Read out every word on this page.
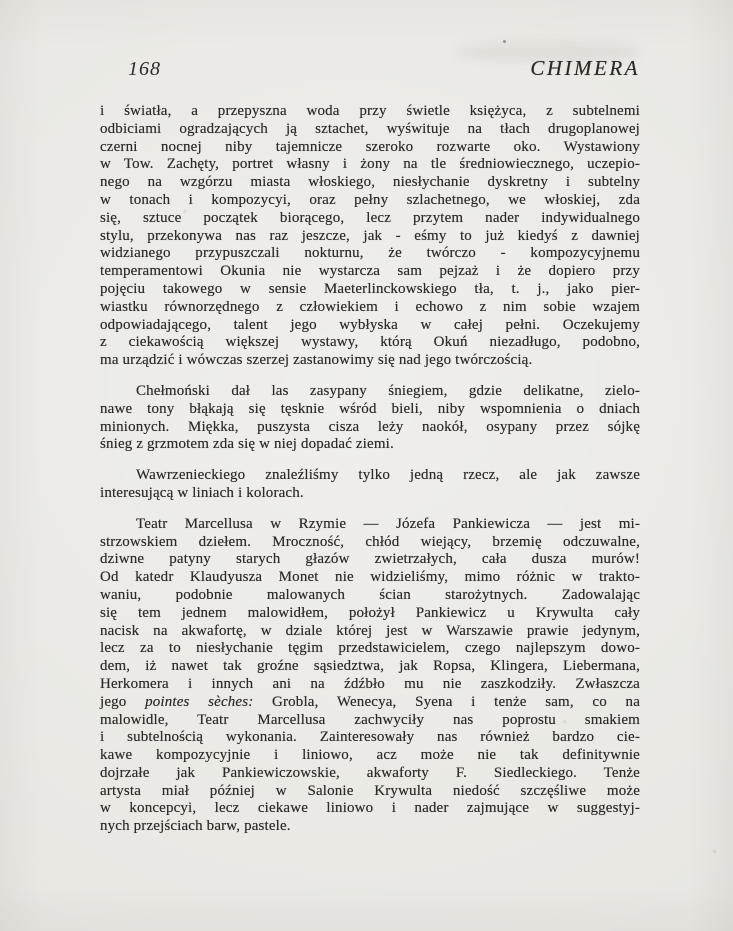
168	CHIMERA
i światła, a przepyszna woda przy świetle księżyca, z subtelnemi
odbiciami ogradzających ją sztachet, wyśwituje na tłach drugoplanowej
czerni nocnej niby tajemnicze szeroko rozwarte oko. Wystawiony
w Tow. Zachęty, portret własny i żony na tle średniowiecznego, uczepio-
nego na wzgórzu miasta włoskiego, niesłychanie dyskretny i subtelny
w tonach i kompozycyi, oraz pełny szlachetnego, we włoskiej, zda
się, sztuce początek biorącego, lecz przytem nader indywidualnego
stylu, przekonywa nas raz jeszcze, jak - eśmy to już kiedyś z dawniej
widzianego przypuszczali nokturnu, że twórczo - kompozycyjnemu
temperamentowi Okunia nie wystarcza sam pejzaż i że dopiero przy
pojęciu takowego w sensie Maeterlinckowskiego tła, t. j., jako pier-
wiastku równorzędnego z człowiekiem i echowo z nim sobie wzajem
odpowiadającego, talent jego wybłyska w całej pełni. Oczekujemy
z ciekawością większej wystawy, którą Okuń niezadługo, podobno,
ma urządzić i wówczas szerzej zastanowimy się nad jego twórczością.
Chełmoński dał las zasypany śniegiem, gdzie delikatne, zielo-
nawe tony błąkają się tęsknie wśród bieli, niby wspomnienia o dniach
minionych. Miękka, puszysta cisza leży naokół, osypany przez sójkę
śnieg z grzmotem zda się w niej dopadać ziemi.
Wawrzenieckiego znaleźliśmy tylko jedną rzecz, ale jak zawsze
interesującą w liniach i kolorach.
Teatr Marcellusa w Rzymie — Józefa Pankiewicza — jest mi-
strzowskiem dziełem. Mroczność, chłód wiejący, brzemię odczuwalne,
dziwne patyny starych głazów zwietrzałych, cała dusza murów!
Od katedr Klaudyusza Monet nie widzieliśmy, mimo różnic w trakto-
waniu, podobnie malowanych ścian starożytnych. Zadowalając
się tem jednem malowidłem, położył Pankiewicz u Krywulta cały
nacisk na akwafortę, w dziale której jest w Warszawie prawie jedynym,
lecz za to niesłychanie tęgim przedstawicielem, czego najlepszym dowo-
dem, iż nawet tak groźne sąsiedztwa, jak Ropsa, Klingera, Liebermana,
Herkomera i innych ani na źdźbło mu nie zaszkodziły. Zwłaszcza
jego pointes sèches: Grobla, Wenecya, Syena i tenże sam, co na
malowidle, Teatr Marcellusa zachwyciły nas poprostu smakiem
i subtelnością wykonania. Zainteresowały nas również bardzo cie-
kawe kompozycyjnie i liniowo, acz może nie tak definitywnie
dojrzałe jak Pankiewiczowskie, akwaforty F. Siedleckiego. Tenże
artysta miał później w Salonie Krywulta niedość szczęśliwe może
w koncepcyi, lecz ciekawe liniowo i nader zajmujące w suggestyj-
nych przejściach barw, pastele.
